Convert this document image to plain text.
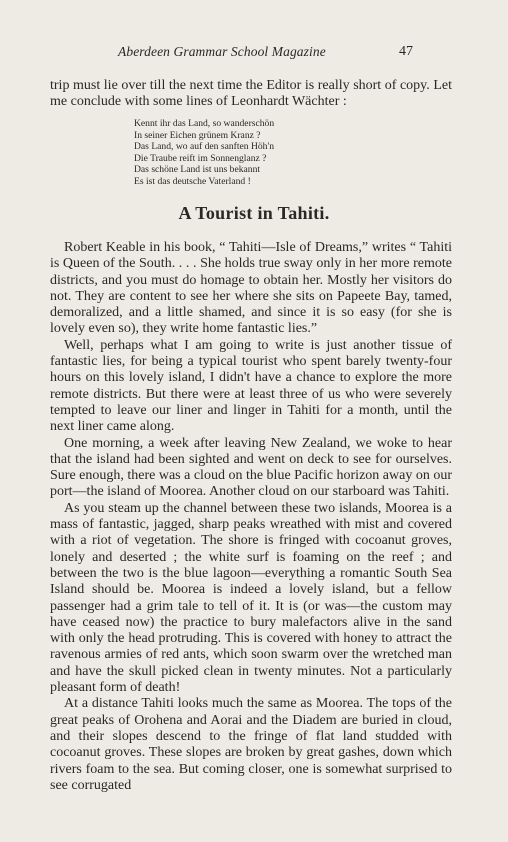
Aberdeen Grammar School Magazine	47

trip must lie over till the next time the Editor is really short of copy. Let me conclude with some lines of Leonhardt Wächter :

Kennt ihr das Land, so wanderschön
In seiner Eichen grünem Kranz ?
Das Land, wo auf den sanften Höh'n
Die Traube reift im Sonnenglanz ?
Das schöne Land ist uns bekannt
Es ist das deutsche Vaterland !
A Tourist in Tahiti.

Robert Keable in his book, “ Tahiti—Isle of Dreams,” writes “ Tahiti is Queen of the South. . . . She holds true sway only in her more remote districts, and you must do homage to obtain her. Mostly her visitors do not. They are content to see her where she sits on Papeete Bay, tamed, demoralized, and a little shamed, and since it is so easy (for she is lovely even so), they write home fantastic lies.”

Well, perhaps what I am going to write is just another tissue of fantastic lies, for being a typical tourist who spent barely twenty-four hours on this lovely island, I didn't have a chance to explore the more remote districts. But there were at least three of us who were severely tempted to leave our liner and linger in Tahiti for a month, until the next liner came along.

One morning, a week after leaving New Zealand, we woke to hear that the island had been sighted and went on deck to see for ourselves. Sure enough, there was a cloud on the blue Pacific horizon away on our port—the island of Moorea. Another cloud on our starboard was Tahiti.

As you steam up the channel between these two islands, Moorea is a mass of fantastic, jagged, sharp peaks wreathed with mist and covered with a riot of vegetation. The shore is fringed with cocoanut groves, lonely and deserted ; the white surf is foaming on the reef ; and between the two is the blue lagoon—everything a romantic South Sea Island should be. Moorea is indeed a lovely island, but a fellow passenger had a grim tale to tell of it. It is (or was—the custom may have ceased now) the practice to bury malefactors alive in the sand with only the head protruding. This is covered with honey to attract the ravenous armies of red ants, which soon swarm over the wretched man and have the skull picked clean in twenty minutes. Not a particularly pleasant form of death!

At a distance Tahiti looks much the same as Moorea. The tops of the great peaks of Orohena and Aorai and the Diadem are buried in cloud, and their slopes descend to the fringe of flat land studded with cocoanut groves. These slopes are broken by great gashes, down which rivers foam to the sea. But coming closer, one is somewhat surprised to see corrugated
